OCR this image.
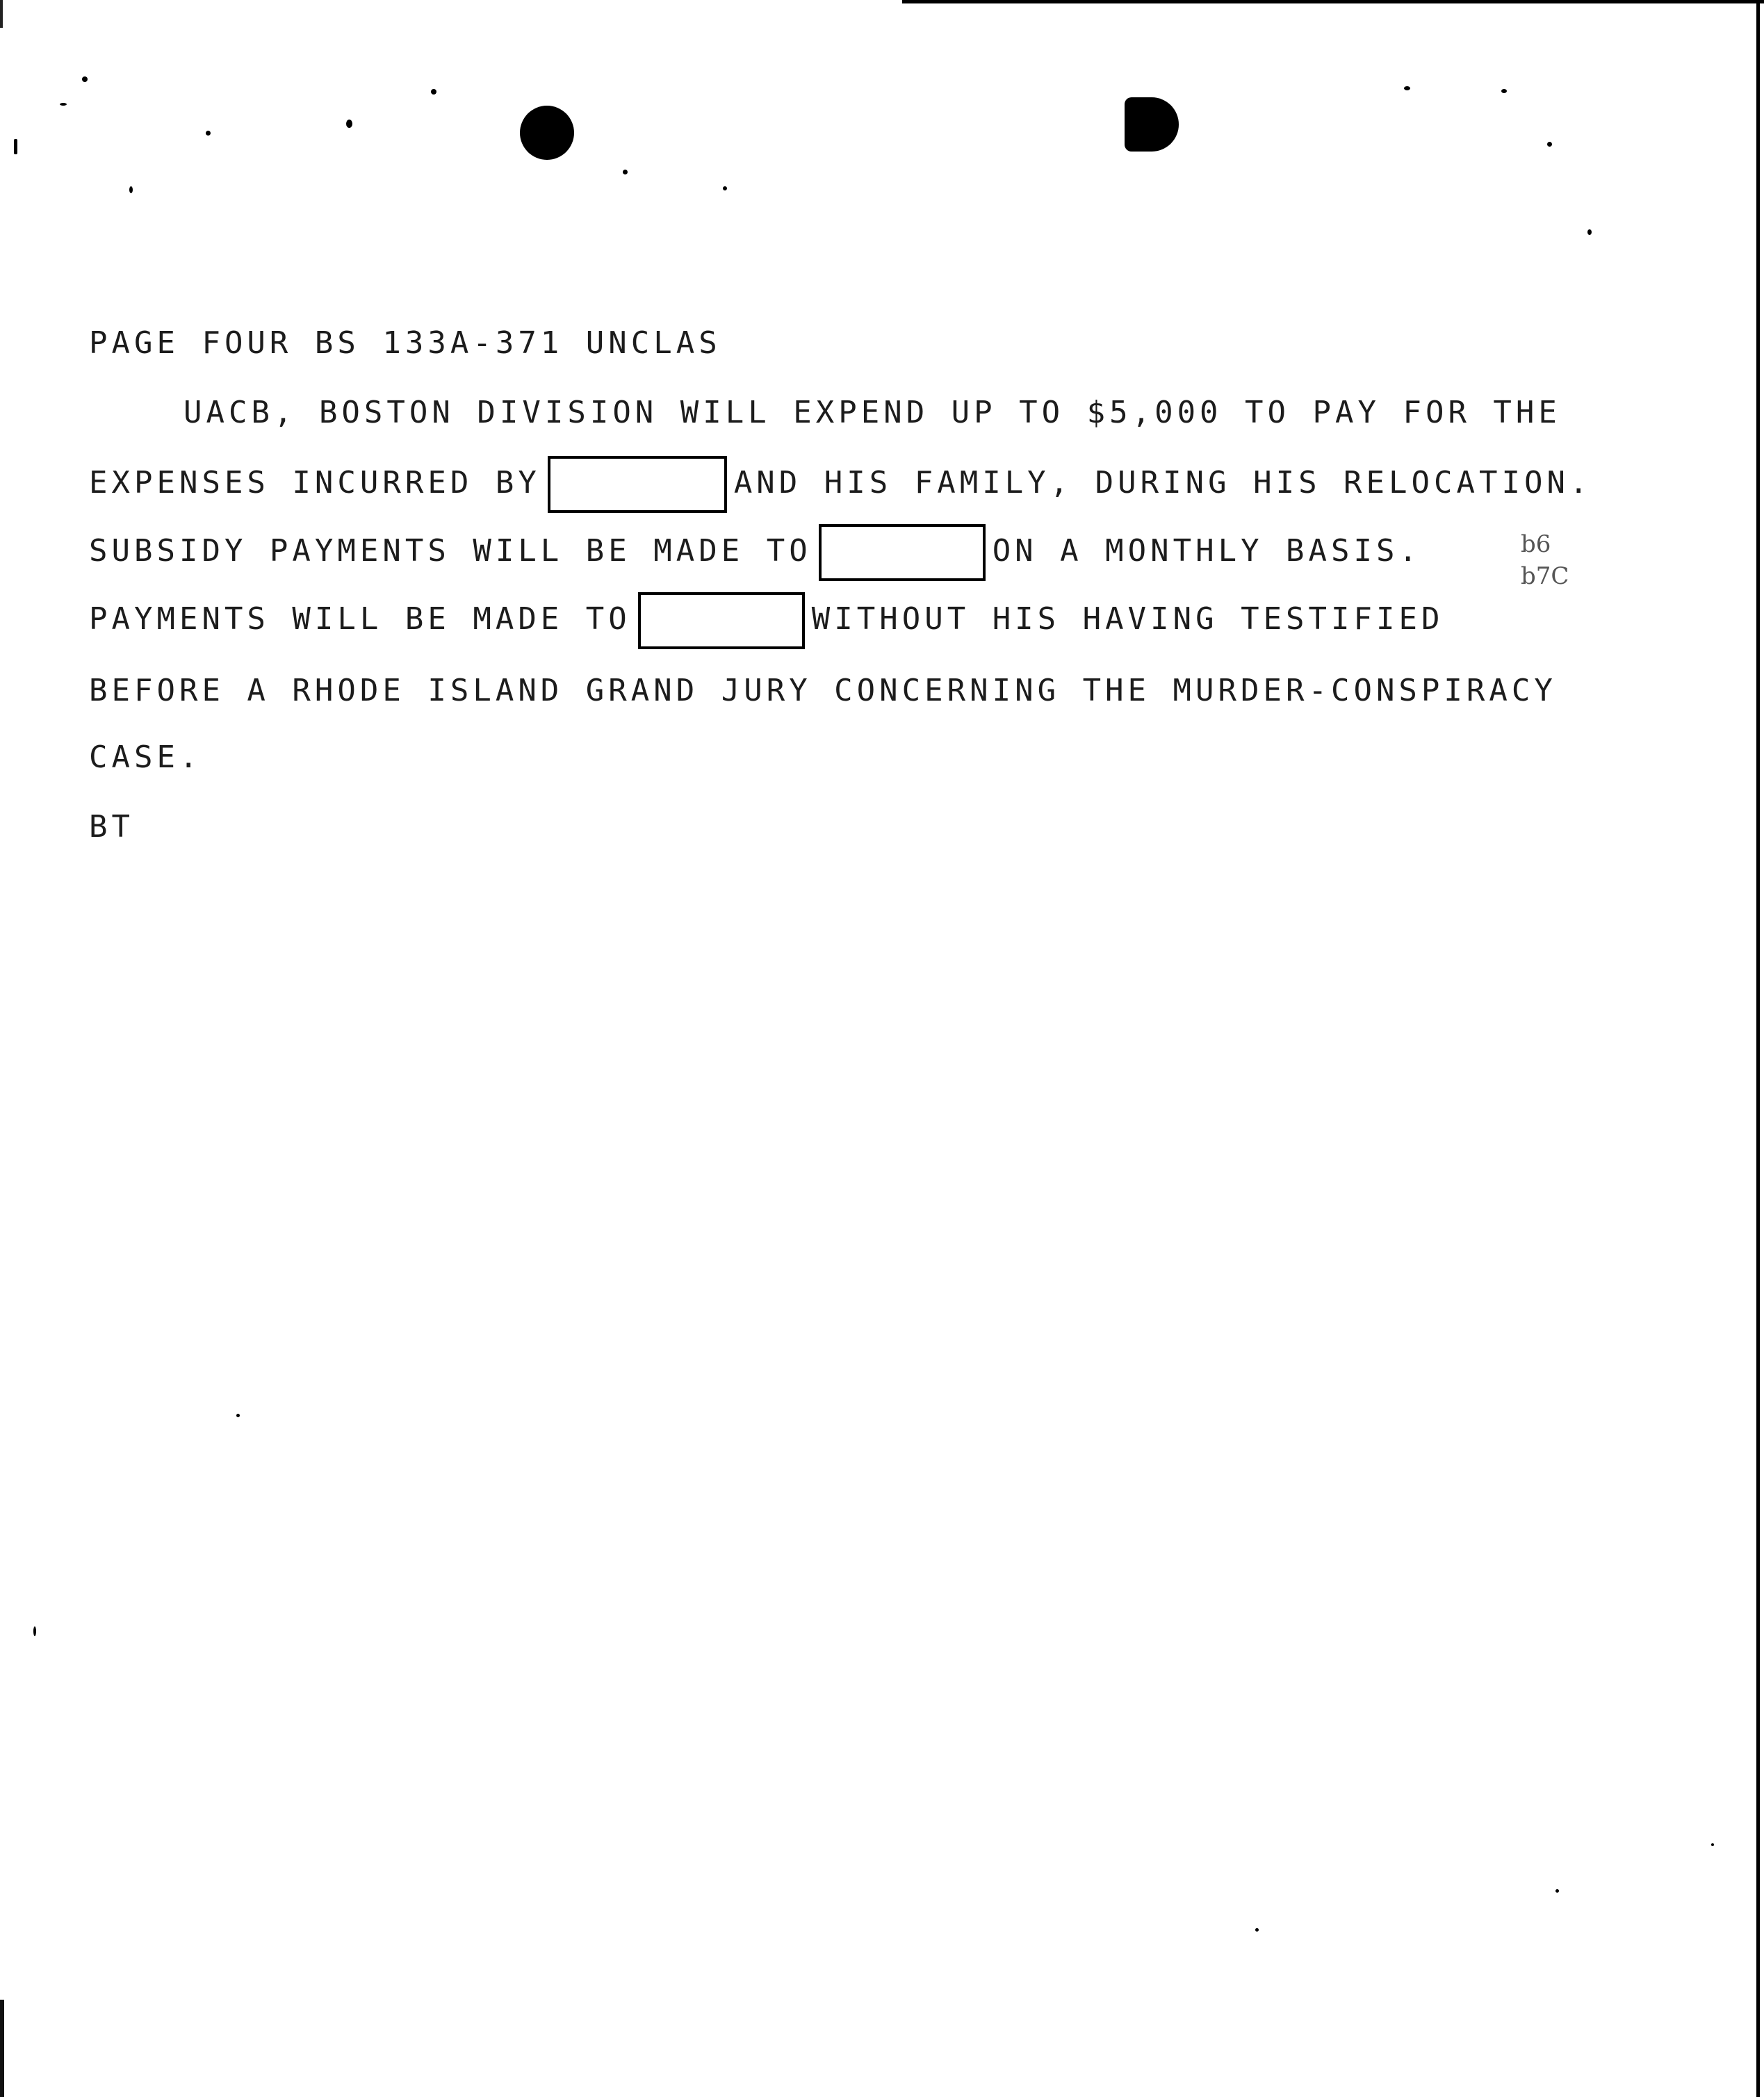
PAGE FOUR BS 133A-371 UNCLAS
UACB, BOSTON DIVISION WILL EXPEND UP TO $5,000 TO PAY FOR THE
EXPENSES INCURRED BY	AND HIS FAMILY, DURING HIS RELOCATION.
SUBSIDY PAYMENTS WILL BE MADE TO	ON A MONTHLY BASIS.
PAYMENTS WILL BE MADE TO	WITHOUT HIS HAVING TESTIFIED
BEFORE A RHODE ISLAND GRAND JURY CONCERNING THE MURDER-CONSPIRACY
CASE.
BT
b6
b7C
